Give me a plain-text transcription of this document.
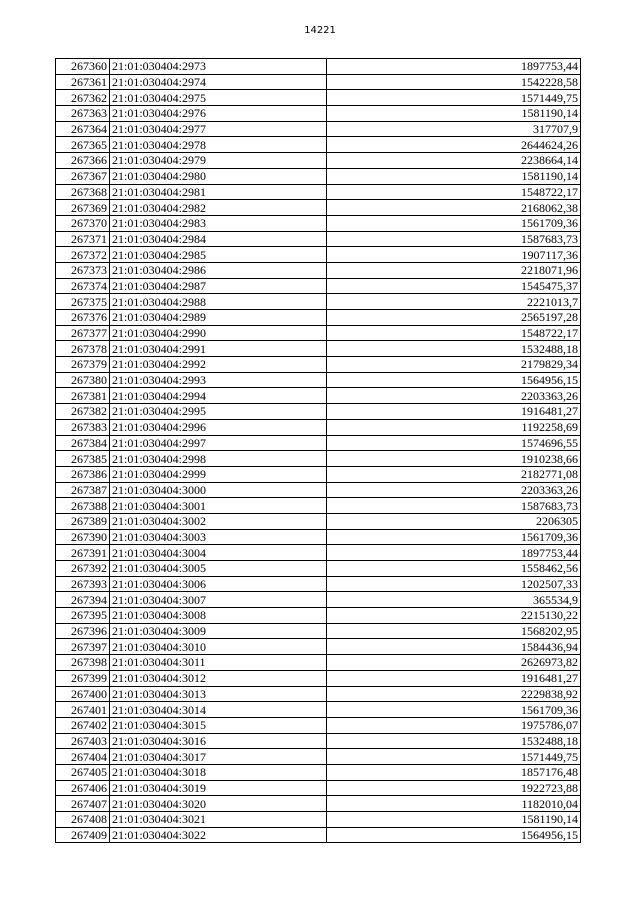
14221
267360	21:01:030404:2973	1897753,44
267361	21:01:030404:2974	1542228,58
267362	21:01:030404:2975	1571449,75
267363	21:01:030404:2976	1581190,14
267364	21:01:030404:2977	317707,9
267365	21:01:030404:2978	2644624,26
267366	21:01:030404:2979	2238664,14
267367	21:01:030404:2980	1581190,14
267368	21:01:030404:2981	1548722,17
267369	21:01:030404:2982	2168062,38
267370	21:01:030404:2983	1561709,36
267371	21:01:030404:2984	1587683,73
267372	21:01:030404:2985	1907117,36
267373	21:01:030404:2986	2218071,96
267374	21:01:030404:2987	1545475,37
267375	21:01:030404:2988	2221013,7
267376	21:01:030404:2989	2565197,28
267377	21:01:030404:2990	1548722,17
267378	21:01:030404:2991	1532488,18
267379	21:01:030404:2992	2179829,34
267380	21:01:030404:2993	1564956,15
267381	21:01:030404:2994	2203363,26
267382	21:01:030404:2995	1916481,27
267383	21:01:030404:2996	1192258,69
267384	21:01:030404:2997	1574696,55
267385	21:01:030404:2998	1910238,66
267386	21:01:030404:2999	2182771,08
267387	21:01:030404:3000	2203363,26
267388	21:01:030404:3001	1587683,73
267389	21:01:030404:3002	2206305
267390	21:01:030404:3003	1561709,36
267391	21:01:030404:3004	1897753,44
267392	21:01:030404:3005	1558462,56
267393	21:01:030404:3006	1202507,33
267394	21:01:030404:3007	365534,9
267395	21:01:030404:3008	2215130,22
267396	21:01:030404:3009	1568202,95
267397	21:01:030404:3010	1584436,94
267398	21:01:030404:3011	2626973,82
267399	21:01:030404:3012	1916481,27
267400	21:01:030404:3013	2229838,92
267401	21:01:030404:3014	1561709,36
267402	21:01:030404:3015	1975786,07
267403	21:01:030404:3016	1532488,18
267404	21:01:030404:3017	1571449,75
267405	21:01:030404:3018	1857176,48
267406	21:01:030404:3019	1922723,88
267407	21:01:030404:3020	1182010,04
267408	21:01:030404:3021	1581190,14
267409	21:01:030404:3022	1564956,15
